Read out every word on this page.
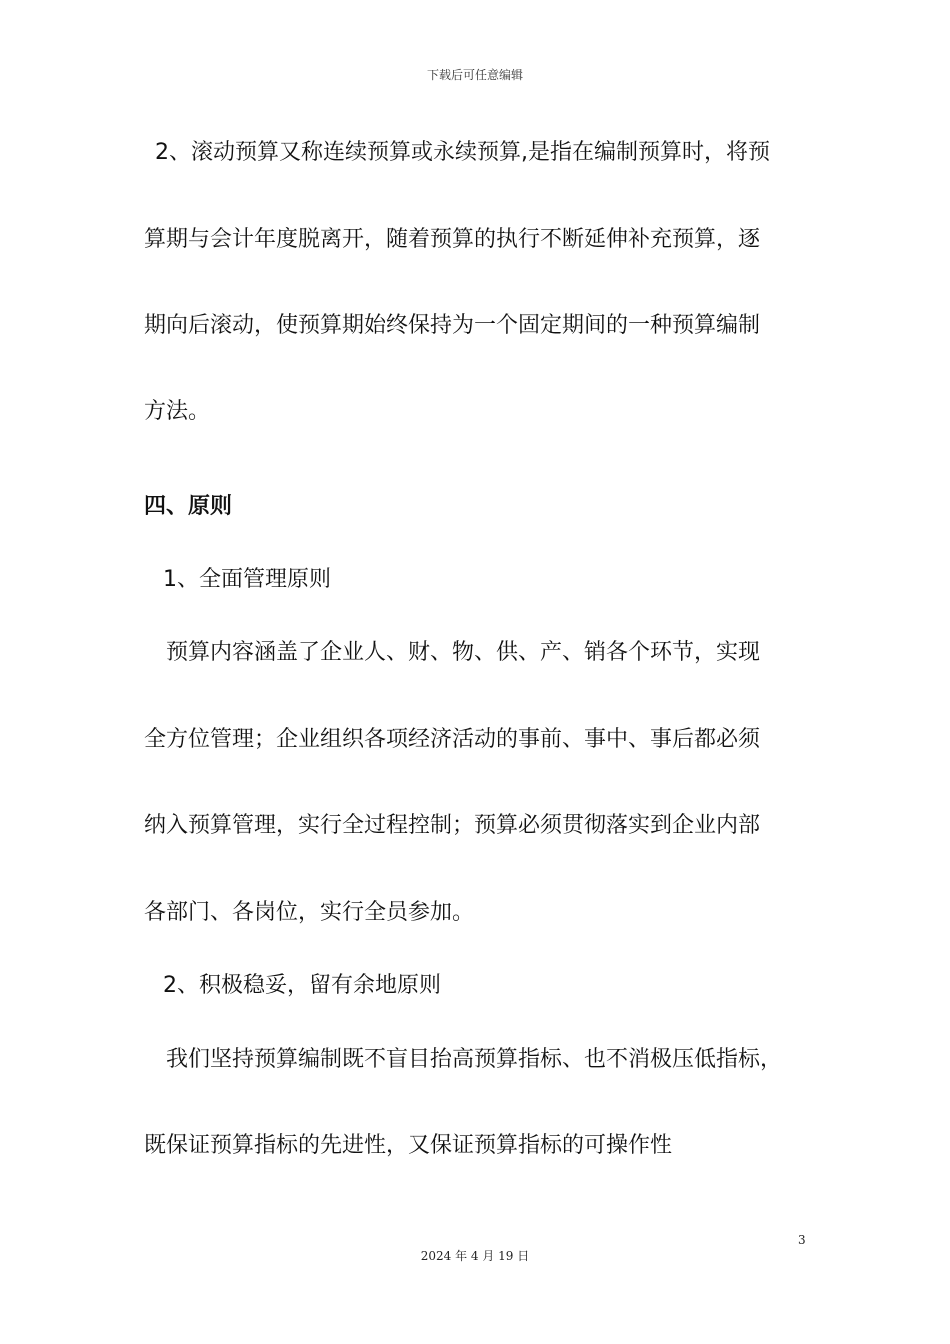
下载后可任意编辑
2、滚动预算又称连续预算或永续预算,是指在编制预算时，将预
算期与会计年度脱离开，随着预算的执行不断延伸补充预算，逐
期向后滚动，使预算期始终保持为一个固定期间的一种预算编制
方法。
四、原则
1、全面管理原则
预算内容涵盖了企业人、财、物、供、产、销各个环节，实现
全方位管理；企业组织各项经济活动的事前、事中、事后都必须
纳入预算管理，实行全过程控制；预算必须贯彻落实到企业内部
各部门、各岗位，实行全员参加。
2、积极稳妥，留有余地原则
我们坚持预算编制既不盲目抬高预算指标、也不消极压低指标，
既保证预算指标的先进性，又保证预算指标的可操作性
3
2024 年 4 月 19 日
